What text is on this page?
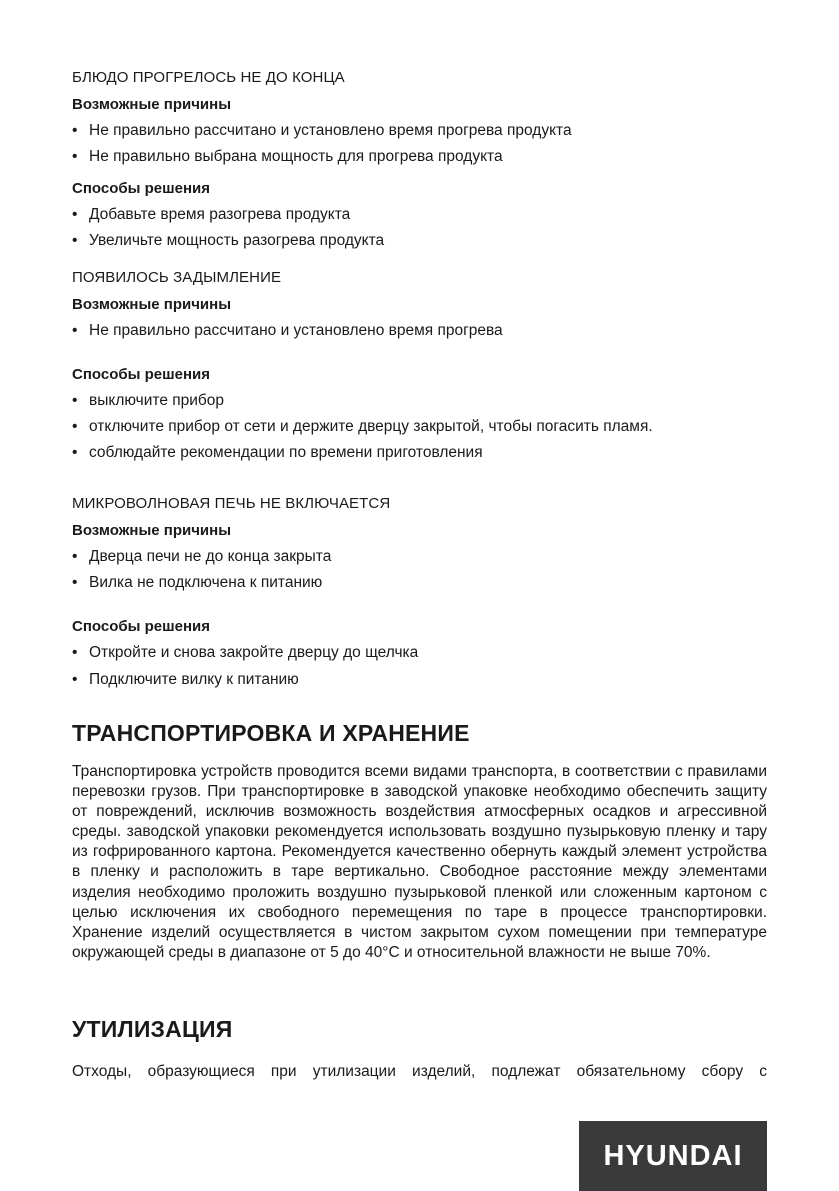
БЛЮДО ПРОГРЕЛОСЬ НЕ ДО КОНЦА
Возможные причины
• Не правильно рассчитано и установлено время прогрева продукта
• Не правильно выбрана мощность для прогрева продукта
Способы решения
• Добавьте время разогрева продукта
• Увеличьте мощность разогрева продукта
ПОЯВИЛОСЬ ЗАДЫМЛЕНИЕ
Возможные причины
• Не правильно рассчитано и установлено время прогрева
Способы решения
• выключите прибор
• отключите прибор от сети и держите дверцу закрытой, чтобы погасить пламя.
• соблюдайте рекомендации по времени приготовления
МИКРОВОЛНОВАЯ ПЕЧЬ НЕ ВКЛЮЧАЕТСЯ
Возможные причины
• Дверца печи не до конца закрыта
• Вилка не подключена к питанию
Способы решения
• Откройте и снова закройте дверцу до щелчка
• Подключите вилку к питанию
ТРАНСПОРТИРОВКА И ХРАНЕНИЕ

Транспортировка устройств проводится всеми видами транспорта, в соответствии с правилами перевозки грузов. При транспортировке в заводской упаковке необходимо обеспечить защиту от повреждений, исключив возможность воздействия атмосферных осадков и агрессивной среды. заводской упаковки рекомендуется использовать воздушно пузырьковую пленку и тару из гофрированного картона. Рекомендуется качественно обернуть каждый элемент устройства в пленку и расположить в таре вертикально. Свободное расстояние между элементами изделия необходимо проложить воздушно пузырьковой пленкой или сложенным картоном с целью исключения их свободного перемещения по таре в процессе транспортировки. Хранение изделий осуществляется в чистом закрытом сухом помещении при температуре окружающей среды в диапазоне от 5 до 40°C и относительной влажности не выше 70%.

УТИЛИЗАЦИЯ

Отходы, образующиеся при утилизации изделий, подлежат обязательному сбору с

HYUNDAI
